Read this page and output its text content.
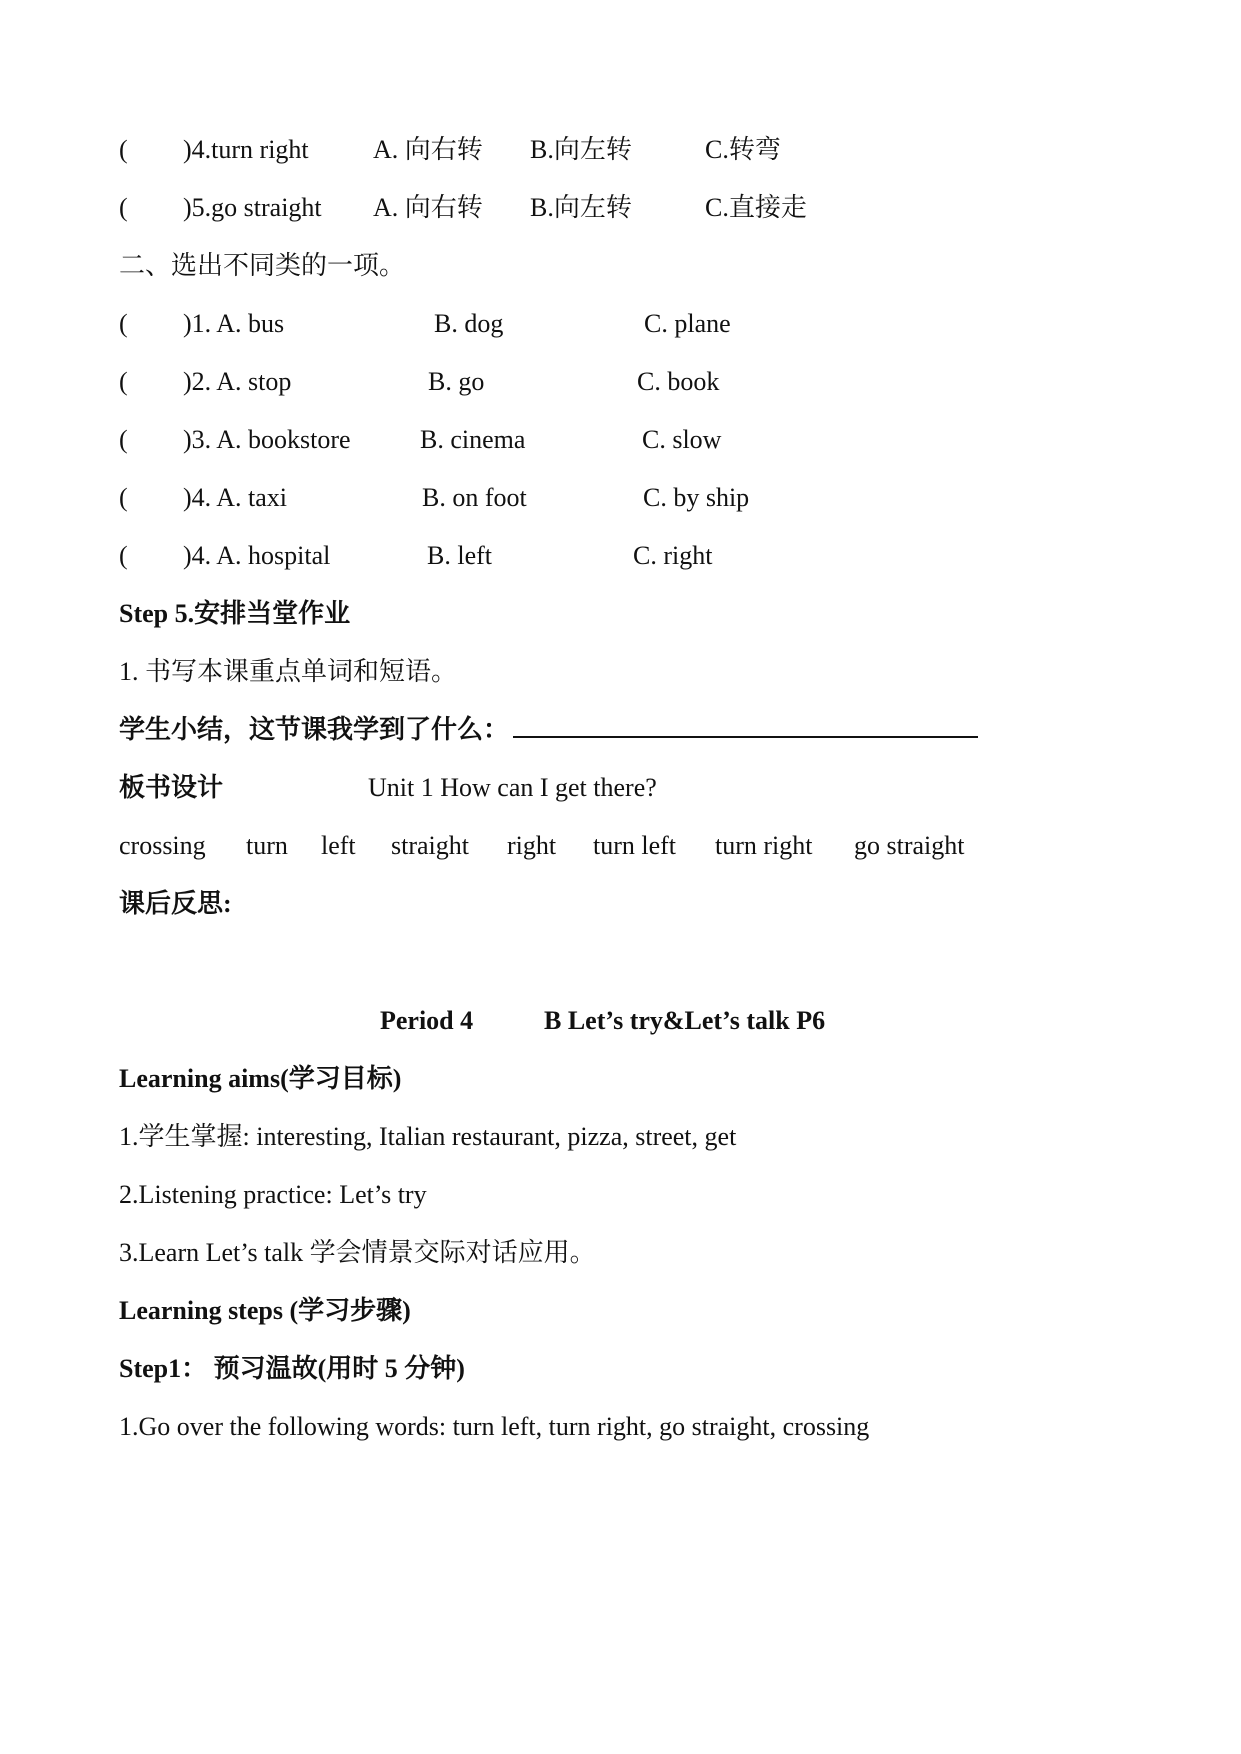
( )4.turn right A. 向右转 B.向左转	C.转弯
( )5.go straight A. 向右转 B.向左转	C.直接走
二、选出不同类的一项。
( )1. A. bus	B. dog	C. plane
( )2. A. stop	B. go	C. book
( )3. A. bookstore	B. cinema	C. slow
( )4. A. taxi	B. on foot	C. by ship
( )4. A. hospital	B. left	C. right
Step 5.安排当堂作业
1. 书写本课重点单词和短语。
学生小结，这节课我学到了什么：
板书设计	Unit 1 How can I get there?
crossing turn left straight right turn left turn right go straight
课后反思:
Period 4	B Let’s try&Let’s talk P6
Learning aims(学习目标)
1.学生掌握: interesting, Italian restaurant, pizza, street, get
2.Listening practice: Let’s try
3.Learn Let’s talk 学会情景交际对话应用。
Learning steps (学习步骤)
Step1： 预习温故(用时 5 分钟)
1.Go over the following words: turn left, turn right, go straight, crossing
